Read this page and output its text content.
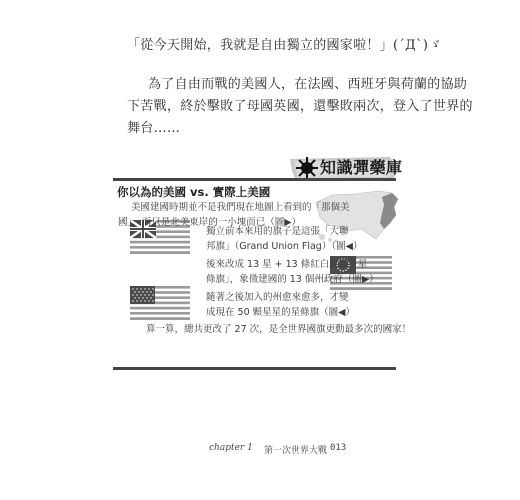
「從今天開始，我就是自由獨立的國家啦！」(´Д`)ゞ
為了自由而戰的美國人，在法國、西班牙與荷蘭的協助
下苦戰，終於擊敗了母國英國，還擊敗兩次，登入了世界的
舞台……
知識彈藥庫
你以為的美國 vs. 實際上美國
美國建國時期並不是我們現在地圖上看到的「那個美
國」，而只是北美東岸的一小塊而已（圖▶）
獨立前本來用的旗子是這張「大聯
邦旗」（Grand Union Flag）（圖◀）
後來改成 13 星 + 13 條紅白紋的「星
條旗」，象徵建國的 13 個州政府（圖▶）
隨著之後加入的州愈來愈多，才變
成現在 50 顆星星的星條旗（圖◀）
算一算，總共更改了 27 次，是全世界國旗更動最多次的國家！
chapter 1 第一次世界大戰 013
